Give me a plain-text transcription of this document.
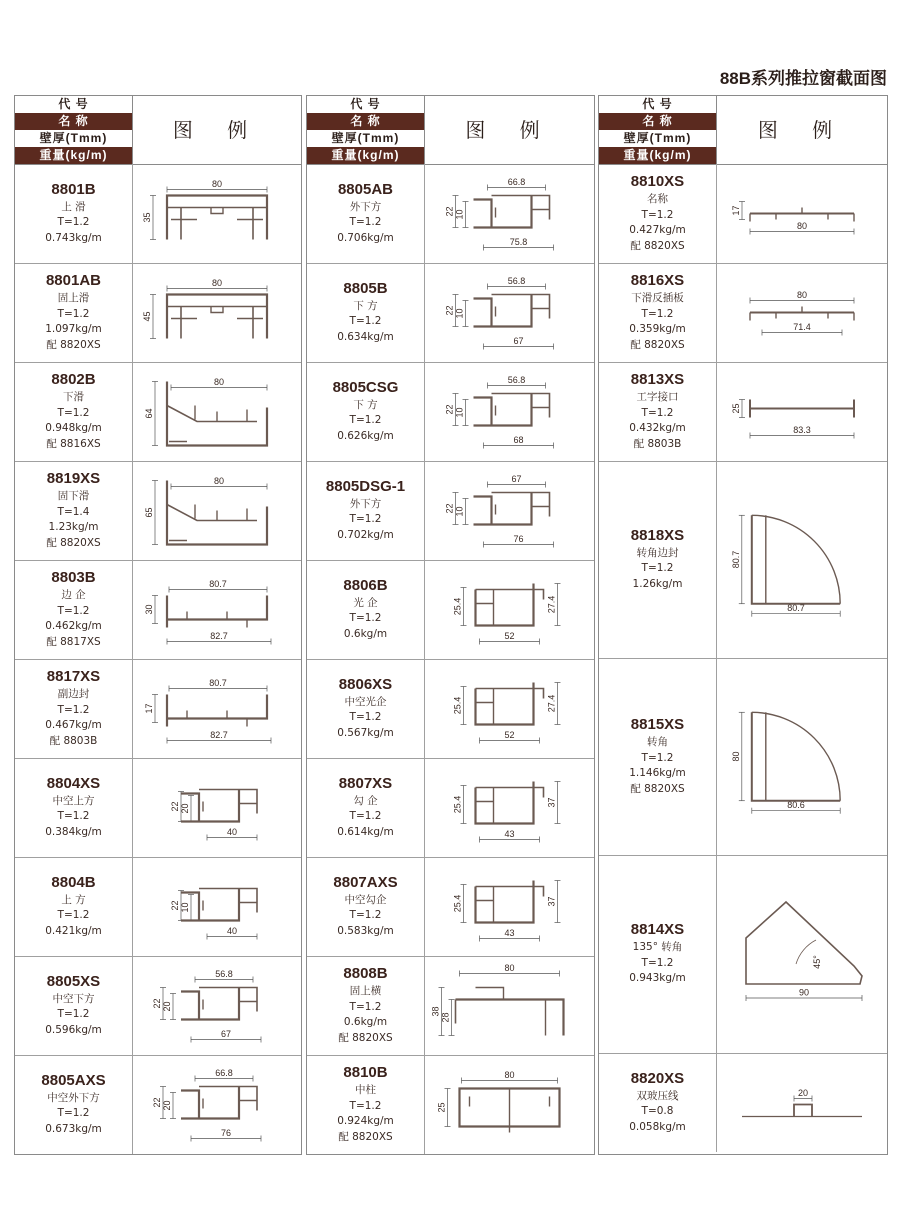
88B系列推拉窗截面图
代 号
名 称
壁厚(Tmm)
重量(kg/m)
图 例
8801B
上 滑
T=1.2
0.743kg/m
80
35
8801AB
固上滑
T=1.2
1.097kg/m
配 8820XS
80
45
8802B
下滑
T=1.2
0.948kg/m
配 8816XS
80
64
8819XS
固下滑
T=1.4
1.23kg/m
配 8820XS
80
65
8803B
边 企
T=1.2
0.462kg/m
配 8817XS
80.7
30
82.7
8817XS
副边封
T=1.2
0.467kg/m
配 8803B
80.7
17
82.7
8804XS
中空上方
T=1.2
0.384kg/m
22 20
40
8804B
上 方
T=1.2
0.421kg/m
22 10
40
8805XS
中空下方
T=1.2
0.596kg/m
56.8
22 20
67
8805AXS
中空外下方
T=1.2
0.673kg/m
66.8
22 20
76
代 号
名 称
壁厚(Tmm)
重量(kg/m)
图 例
8805AB
外下方
T=1.2
0.706kg/m
66.8
22 10
75.8
8805B
下 方
T=1.2
0.634kg/m
56.8
22 10
67
8805CSG
下 方
T=1.2
0.626kg/m
56.8
22 10
68
8805DSG-1
外下方
T=1.2
0.702kg/m
67
22 10
76
8806B
光 企
T=1.2
0.6kg/m
25.4	27.4
52
8806XS
中空光企
T=1.2
0.567kg/m
25.4	27.4
52
8807XS
勾 企
T=1.2
0.614kg/m
25.4	37
43
8807AXS
中空勾企
T=1.2
0.583kg/m
25.4	37
43
8808B
固上横
T=1.2
0.6kg/m
配 8820XS
80
38
28
8810B
中柱
T=1.2
0.924kg/m
配 8820XS
80
25
代 号
名 称
壁厚(Tmm)
重量(kg/m)
图 例
8810XS
名称
T=1.2
0.427kg/m
配 8820XS
17
80
8816XS
下滑反插板
T=1.2
0.359kg/m
配 8820XS
80
71.4
8813XS
工字接口
T=1.2
0.432kg/m
配 8803B
25
83.3
8818XS
转角边封
T=1.2
1.26kg/m
80.7
80.7
8815XS
转角
T=1.2
1.146kg/m
配 8820XS
80
80.6
8814XS
135° 转角
T=1.2
0.943kg/m
45°
90
8820XS
双玻压线
T=0.8
0.058kg/m
20
